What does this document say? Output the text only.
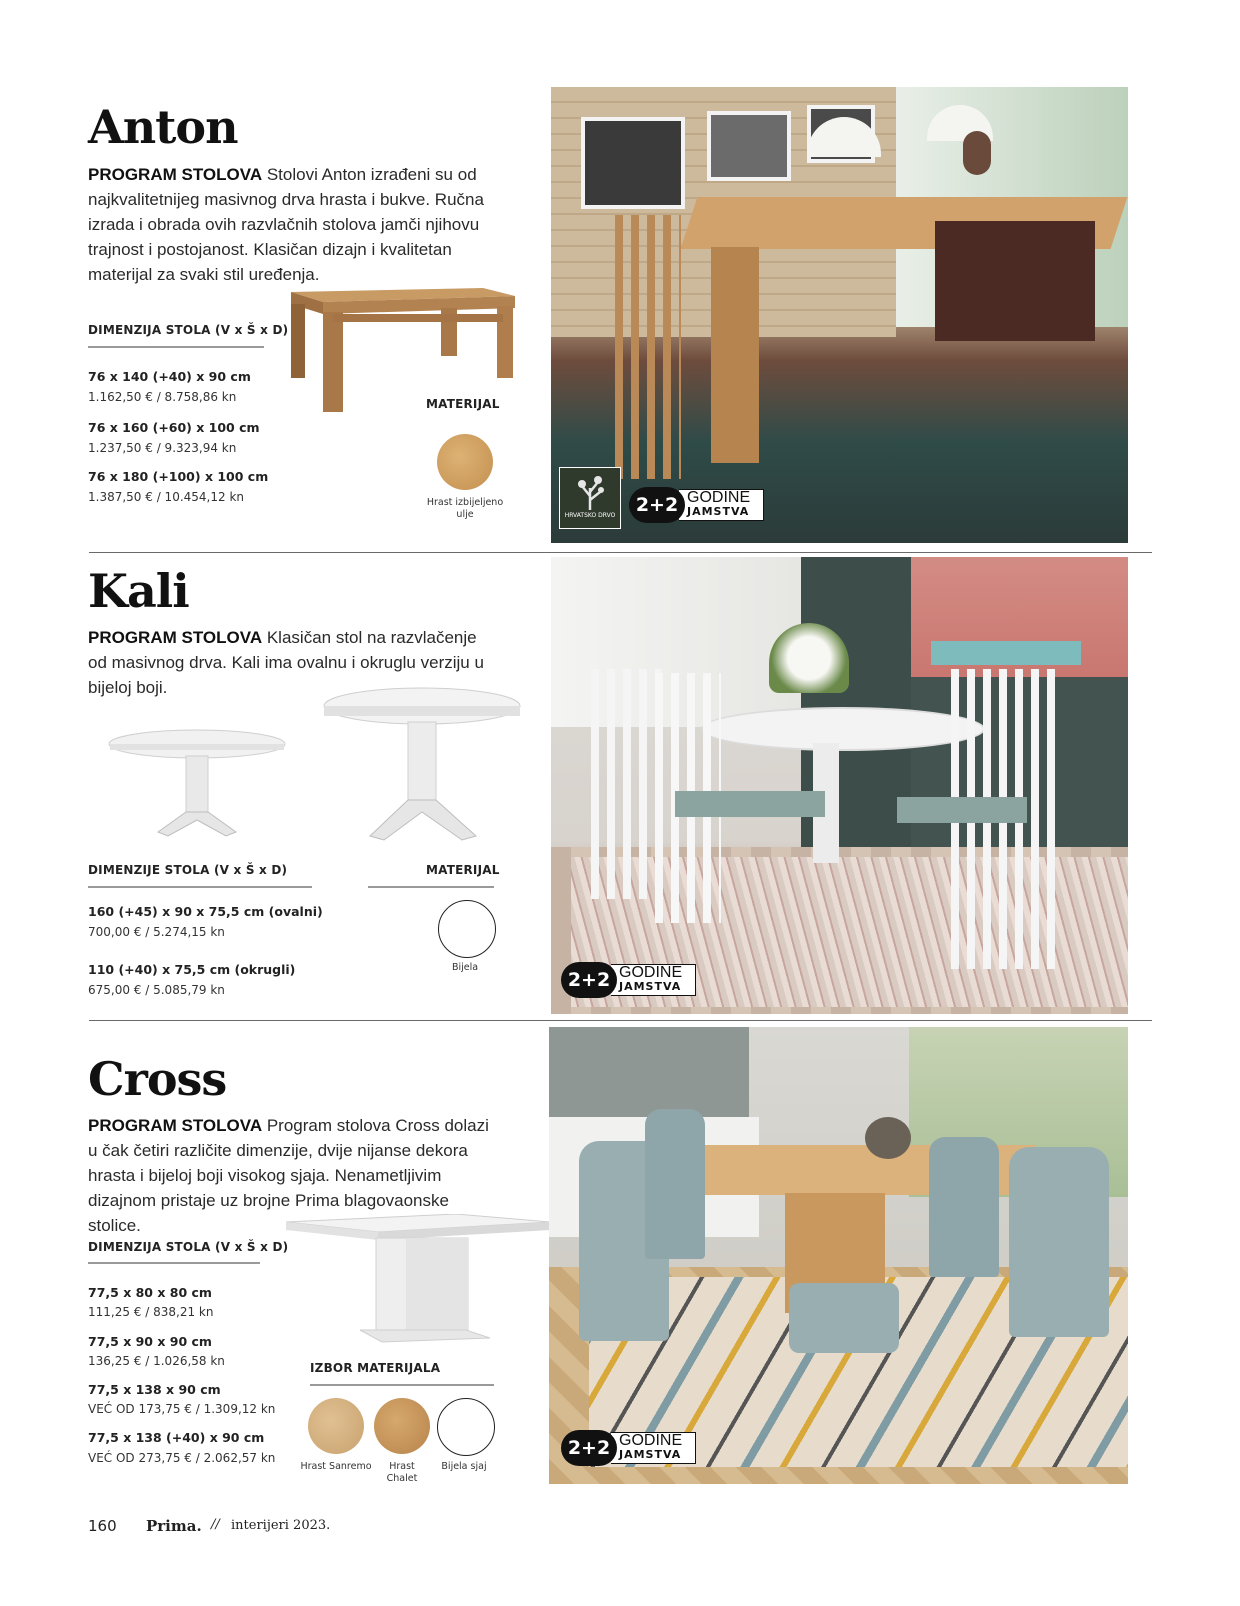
Anton
PROGRAM STOLOVA Stolovi Anton izrađeni su od najkvalitetnijeg masivnog drva hrasta i bukve. Ručna izrada i obrada ovih razvlačnih stolova jamči njihovu trajnost i postojanost. Klasičan dizajn i kvalitetan materijal za svaki stil uređenja.
DIMENZIJA STOLA (V x Š x D)
76 x 140 (+40) x 90 cm
1.162,50 € / 8.758,86 kn
76 x 160 (+60) x 100 cm
1.237,50 € / 9.323,94 kn
76 x 180 (+100) x 100 cm
1.387,50 € / 10.454,12 kn
MATERIJAL
Hrast izbijeljeno ulje	HRVATSKO DRVO	2+2 GODINE
JAMSTVA
Kali
PROGRAM STOLOVA Klasičan stol na razvlačenje od masivnog drva. Kali ima ovalnu i okruglu verziju u bijeloj boji.
DIMENZIJE STOLA (V x Š x D)	MATERIJAL
160 (+45) x 90 x 75,5 cm (ovalni)
700,00 € / 5.274,15 kn
110 (+40) x 75,5 cm (okrugli)
675,00 € / 5.085,79 kn
Bijela
2+2 GODINE
JAMSTVA
Cross
PROGRAM STOLOVA Program stolova Cross dolazi u čak četiri različite dimenzije, dvije nijanse dekora hrasta i bijeloj boji visokog sjaja. Nenametljivim dizajnom pristaje uz brojne Prima blagovaonske stolice.
DIMENZIJA STOLA (V x Š x D)
77,5 x 80 x 80 cm
111,25 € / 838,21 kn
77,5 x 90 x 90 cm
136,25 € / 1.026,58 kn
77,5 x 138 x 90 cm
VEĆ OD 173,75 € / 1.309,12 kn
77,5 x 138 (+40) x 90 cm
VEĆ OD 273,75 € / 2.062,57 kn
IZBOR MATERIJALA
Hrast Sanremo	Hrast Chalet
Bijela sjaj
2+2 GODINE
JAMSTVA
160 Prima. // interijeri 2023.
